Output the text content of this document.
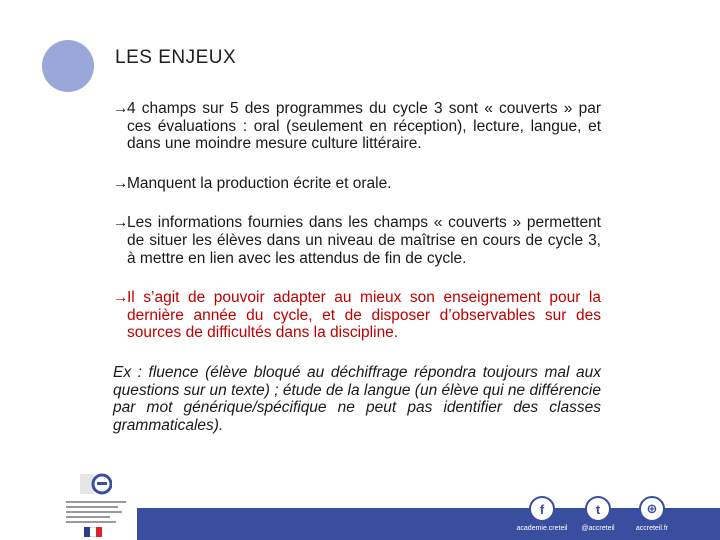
LES ENJEUX
→
4 champs sur 5 des programmes du cycle 3 sont « couverts » par ces évaluations : oral (seulement en réception), lecture, langue, et dans une moindre mesure culture littéraire.
→
Manquent la production écrite et orale.
→
Les informations fournies dans les champs « couverts » permettent de situer les élèves dans un niveau de maîtrise en cours de cycle 3, à mettre en lien avec les attendus de fin de cycle.
→
Il s’agit de pouvoir adapter au mieux son enseignement pour la dernière année du cycle, et de disposer d’observables sur des sources de difficultés dans la discipline.
Ex : fluence (élève bloqué au déchiffrage répondra toujours mal aux questions sur un texte) ; étude de la langue (un élève qui ne différencie par mot générique/spécifique ne peut pas identifier des classes grammaticales).
f
academie.creteil
t
@accreteil
⊕
accreteil.fr
